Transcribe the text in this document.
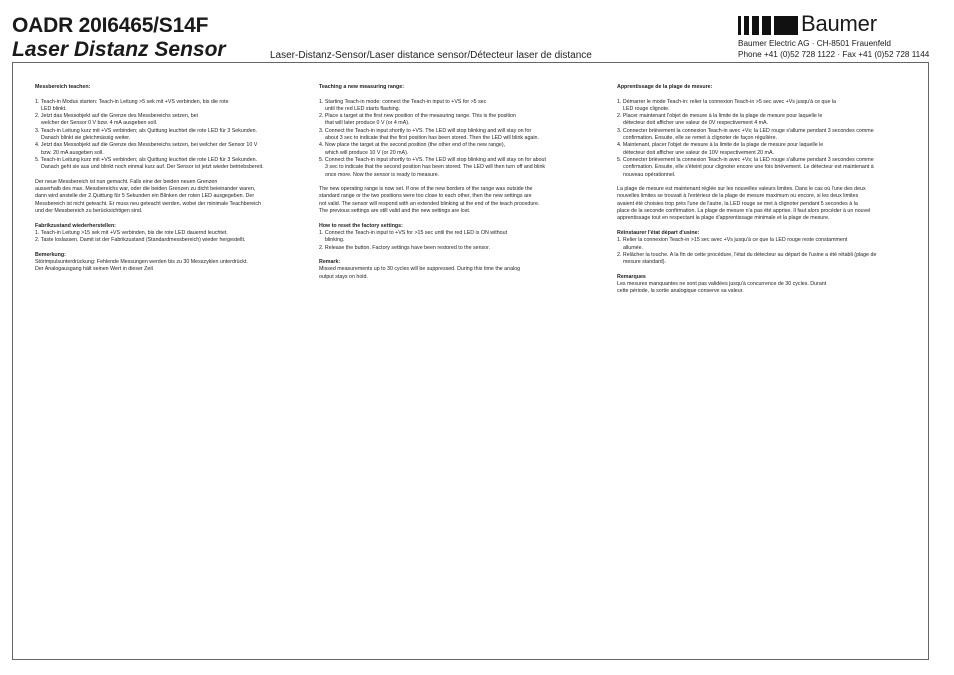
OADR 20I6465/S14F
Laser Distanz Sensor	Laser-Distanz-Sensor/Laser distance sensor/Détecteur laser de distance
Baumer
Baumer Electric AG · CH-8501 Frauenfeld
Phone +41 (0)52 728 1122 · Fax +41 (0)52 728 1144
Messbereich teachen:

1. Teach-in Modus starten: Teach-in Leitung >5 sek mit +VS verbinden, bis die rote

LED blinkt.

2. Jetzt das Messobjekt auf die Grenze des Messbereichs setzen, bei

welcher der Sensor 0 V bzw. 4 mA ausgeben soll.

3. Teach-in Leitung kurz mit +VS verbinden; als Quittung leuchtet die rote LED für 3 Sekunden.

Danach blinkt sie gleichmässig weiter.

4. Jetzt das Messobjekt auf die Grenze des Messbereichs setzen, bei welcher der Sensor 10 V

bzw. 20 mA ausgeben soll.

5. Teach-in Leitung kurz mit +VS verbinden; als Quittung leuchtet die rote LED für 3 Sekunden.

Danach geht sie aus und blinkt noch einmal kurz auf. Der Sensor ist jetzt wieder betriebsbereit.

Der neue Messbereich ist nun gemacht. Falls eine der beiden neuen Grenzen

ausserhalb des max. Messbereichs war, oder die beiden Grenzen zu dicht beieinander waren,

dann wird anstelle der 2.Quittung für 5 Sekunden ein Blinken der roten LED ausgegeben. Der

Messbereich ist nicht geteacht. Er muss neu geteacht werden, wobei der minimale Teachbereich

und der Messbereich zu berücksichtigen sind.

Fabrikzustand wiederherstellen:

1. Teach-in Leitung >15 sek mit +VS verbinden, bis die rote LED dauernd leuchtet.

2. Taste loslassen. Damit ist der Fabrikzustand (Standardmessbereich) wieder hergestellt.

Bemerkung:

Störimpulsunterdrückung: Fehlende Messungen werden bis zu 30 Messzyklen unterdrückt.

Der Analogausgang hält seinen Wert in dieser Zeit

Teaching a new measuring range:

1. Starting Teach-in mode: connect the Teach-in input to +VS for >5 sec

until the red LED starts flashing.

2. Place a target at the first new position of the measuring range. This is the position

that will later produce 0 V (or 4 mA).

3. Connect the Teach-in input shortly to +VS. The LED will stop blinking and will stay on for

about 3 sec to indicate that the first position has been stored. Then the LED will blink again.

4. Now place the target at the second position (the other end of the new range),

which will produce 10 V (or 20 mA).

5. Connect the Teach-in input shortly to +VS. The LED will stop blinking and will stay on for about

3 sec to indicate that the second position has been stored. The LED will then turn off and blink

once more. Now the sensor is ready to measure.

The new operating range is now set. If one of the new borders of the range was outside the

standard range or the two positions were too close to each other, then the new settings are

not valid. The sensor will respond with an extended blinking at the end of the teach procedure.

The previous settings are still valid and the new settings are lost.

How to reset the factory settings:

1. Connect the Teach-in input to +VS for >15 sec until the red LED is ON without

blinking.

2. Release the button. Factory settings have been restored to the sensor.

Remark:

Missed measurements up to 30 cycles will be suppressed. During this time the analog

output stays on hold.

Apprentissage de la plage de mesure:

1. Démarrer le mode Teach-in: relier la connexion Teach-in >5 sec avec +Vs jusqu'à ce que la

LED rouge clignote.

2. Placer maintenant l'objet de mesure à la limite de la plage de mesure pour laquelle le

détecteur doit afficher une valeur de 0V respectivement 4 mA.

3. Connecter brièvement la connexion Teach-in avec +Vs; la LED rouge s'allume pendant 3 secondes comme

confirmation. Ensuite, elle se remet à clignoter de façon régulière.

4. Maintenant, placer l'objet de mesure à la limite de la plage de mesure pour laquelle le

détecteur doit afficher une valeur de 10V respectivement 20 mA.

5. Connecter brièvement la connexion Teach-in avec +Vs; la LED rouge s'allume pendant 3 secondes comme

confirmation. Ensuite, elle s'éteint pour clignoter encore une fois brièvement. Le détecteur est maintenant à

nouveau opérationnel.

La plage de mesure est maintenant réglée sur les nouvelles valeurs limites. Dans le cas où l'une des deux

nouvelles limites se trouvait à l'extérieur de la plage de mesure maximum ou encore, si les deux limites

avaient été choisies trop près l'une de l'autre, la LED rouge se met à clignoter pendant 5 secondes à la

place de la seconde confirmation. La plage de mesure n'a pas été apprise. Il faut alors procéder à un nouvel

apprentissage tout en respectant la plage d'apprentissage minimale et la plage de mesure.

Réinstaurer l'état départ d'usine:

1. Relier la connexion Teach-in >15 sec avec +Vs jusqu'à ce que la LED rouge reste constamment

allumée.

2. Relâcher la touche. A la fin de cette procédure, l'état du détecteur au départ de l'usine a été rétabli (plage de

mesure standard).

Remarques

Les mesures manquantes ne sont pas validées jusqu'à concurrence de 30 cycles. Durant

cette période, la sortie analogique conserve sa valeur.
